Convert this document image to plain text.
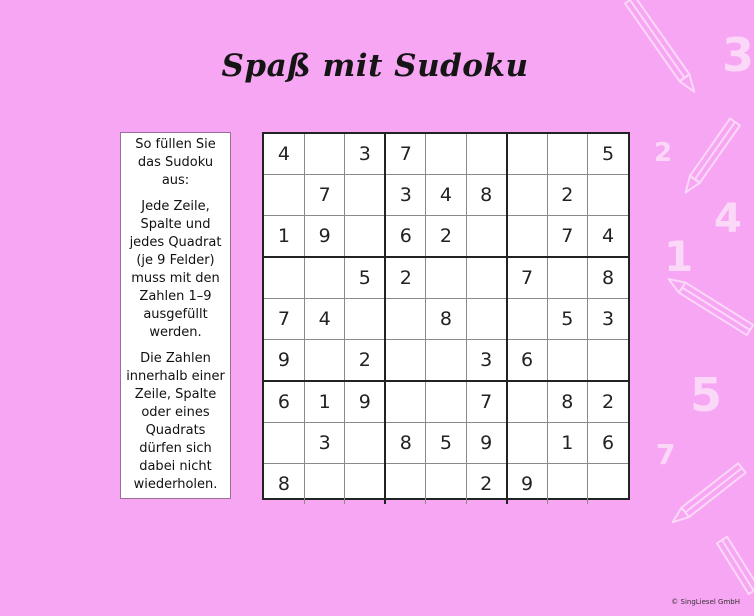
3
2
4
1
5
7
Spaß mit Sudoku

So füllen Sie das Sudoku aus:

Jede Zeile, Spalte und jedes Quadrat (je 9 Felder) muss mit den Zahlen 1–9 ausgefüllt werden.

Die Zahlen innerhalb einer Zeile, Spalte oder eines Quadrats dürfen sich dabei nicht wiederholen.

4		3	7					5
	7		3	4	8		2	
1	9		6	2			7	4
		5	2			7		8
7	4			8			5	3
9		2			3	6		
6	1	9			7		8	2
	3		8	5	9		1	6
8					2	9		
© SingLiesel GmbH
